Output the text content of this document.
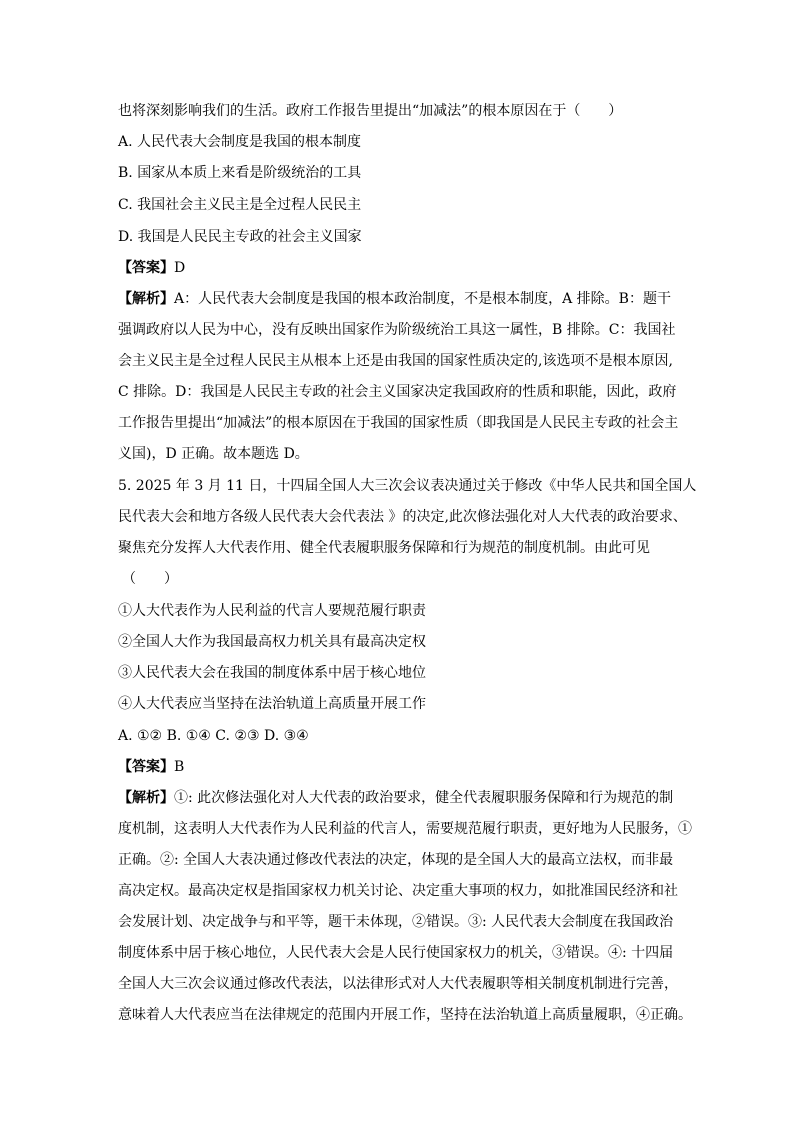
也将深刻影响我们的生活。政府工作报告里提出“加减法”的根本原因在于（　　）
A. 人民代表大会制度是我国的根本制度
B. 国家从本质上来看是阶级统治的工具
C. 我国社会主义民主是全过程人民民主
D. 我国是人民民主专政的社会主义国家
【答案】D
【解析】A：人民代表大会制度是我国的根本政治制度，不是根本制度，A 排除。B：题干
强调政府以人民为中心，没有反映出国家作为阶级统治工具这一属性，B 排除。C：我国社
会主义民主是全过程人民民主从根本上还是由我国的国家性质决定的,该选项不是根本原因,
C 排除。D：我国是人民民主专政的社会主义国家决定我国政府的性质和职能，因此，政府
工作报告里提出“加减法”的根本原因在于我国的国家性质（即我国是人民民主专政的社会主
义国)，D 正确。故本题选 D。
5. 2025 年 3 月 11 日，十四届全国人大三次会议表决通过关于修改《中华人民共和国全国人
民代表大会和地方各级人民代表大会代表法 》的决定,此次修法强化对人大代表的政治要求、
聚焦充分发挥人大代表作用、健全代表履职服务保障和行为规范的制度机制。由此可见
（　　）
①人大代表作为人民利益的代言人要规范履行职责
②全国人大作为我国最高权力机关具有最高决定权
③人民代表大会在我国的制度体系中居于核心地位
④人大代表应当坚持在法治轨道上高质量开展工作
A. ①② B. ①④ C. ②③ D. ③④
【答案】B
【解析】①: 此次修法强化对人大代表的政治要求，健全代表履职服务保障和行为规范的制
度机制，这表明人大代表作为人民利益的代言人，需要规范履行职责，更好地为人民服务，①
正确。②: 全国人大表决通过修改代表法的决定，体现的是全国人大的最高立法权，而非最
高决定权。最高决定权是指国家权力机关讨论、决定重大事项的权力，如批准国民经济和社
会发展计划、决定战争与和平等，题干未体现，②错误。③: 人民代表大会制度在我国政治
制度体系中居于核心地位，人民代表大会是人民行使国家权力的机关，③错误。④: 十四届
全国人大三次会议通过修改代表法，以法律形式对人大代表履职等相关制度机制进行完善，
意味着人大代表应当在法律规定的范围内开展工作，坚持在法治轨道上高质量履职，④正确。
